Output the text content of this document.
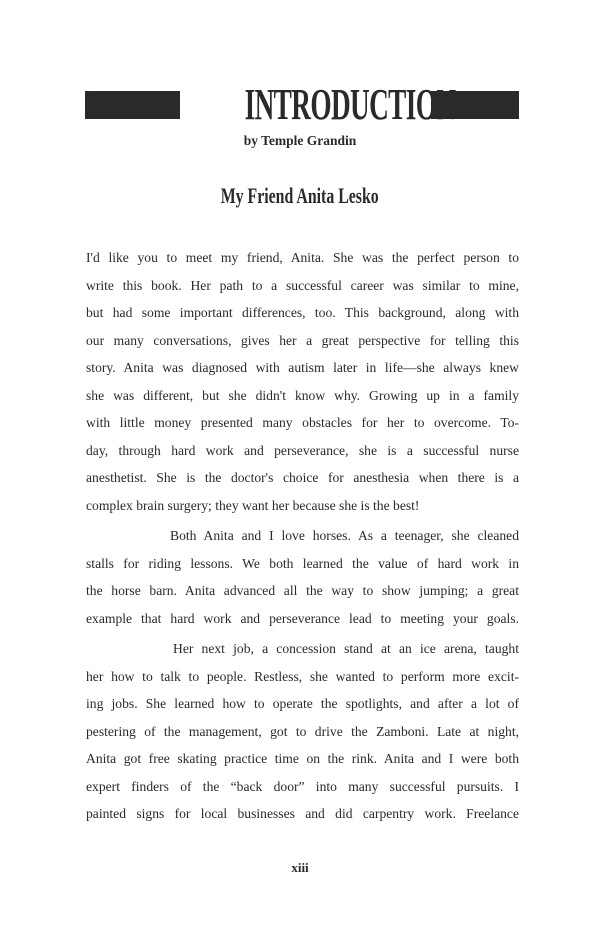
INTRODUCTION
by Temple Grandin
My Friend Anita Lesko
I'd like you to meet my friend, Anita. She was the perfect person to
write this book. Her path to a successful career was similar to mine,
but had some important differences, too. This background, along with
our many conversations, gives her a great perspective for telling this
story. Anita was diagnosed with autism later in life—she always knew
she was different, but she didn't know why. Growing up in a family
with little money presented many obstacles for her to overcome. To-
day, through hard work and perseverance, she is a successful nurse
anesthetist. She is the doctor's choice for anesthesia when there is a
complex brain surgery; they want her because she is the best!
Both Anita and I love horses. As a teenager, she cleaned
stalls for riding lessons. We both learned the value of hard work in
the horse barn. Anita advanced all the way to show jumping; a great
example that hard work and perseverance lead to meeting your goals.
Her next job, a concession stand at an ice arena, taught
her how to talk to people. Restless, she wanted to perform more excit-
ing jobs. She learned how to operate the spotlights, and after a lot of
pestering of the management, got to drive the Zamboni. Late at night,
Anita got free skating practice time on the rink. Anita and I were both
expert finders of the “back door” into many successful pursuits. I
painted signs for local businesses and did carpentry work. Freelance
xiii
